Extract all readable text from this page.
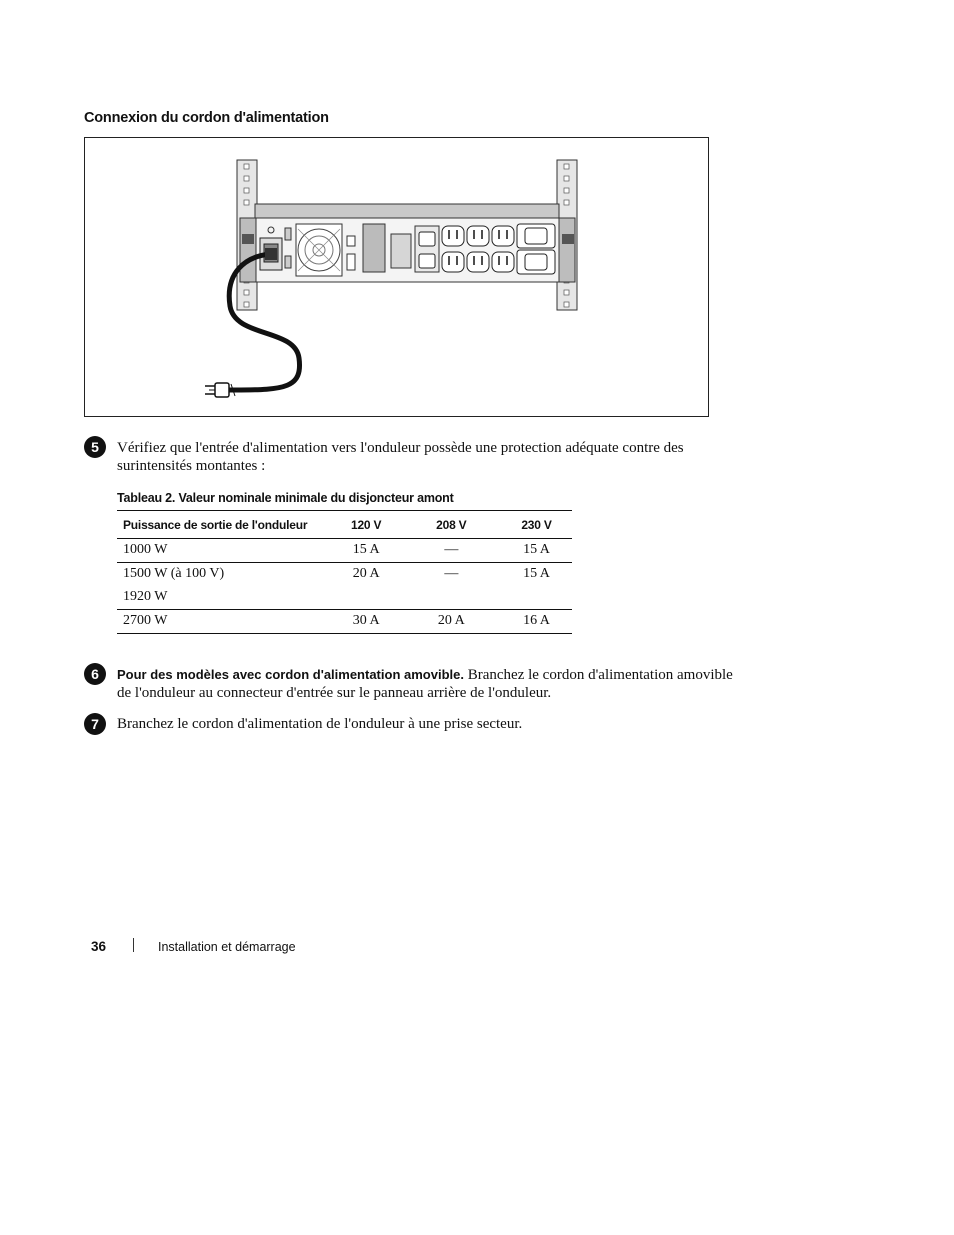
Connexion du cordon d'alimentation
5	Vérifiez que l'entrée d'alimentation vers l'onduleur possède une protection adéquate contre des surintensités montantes :
Tableau 2. Valeur nominale minimale du disjoncteur amont
Puissance de sortie de l'onduleur	120 V	208 V	230 V
1000 W	15 A	—	15 A
1500 W (à 100 V)	20 A	—	15 A
1920 W			
2700 W	30 A	20 A	16 A
6	Pour des modèles avec cordon d'alimentation amovible. Branchez le cordon d'alimentation amovible de l'onduleur au connecteur d'entrée sur le panneau arrière de l'onduleur.
7	Branchez le cordon d'alimentation de l'onduleur à une prise secteur.
36	Installation et démarrage
